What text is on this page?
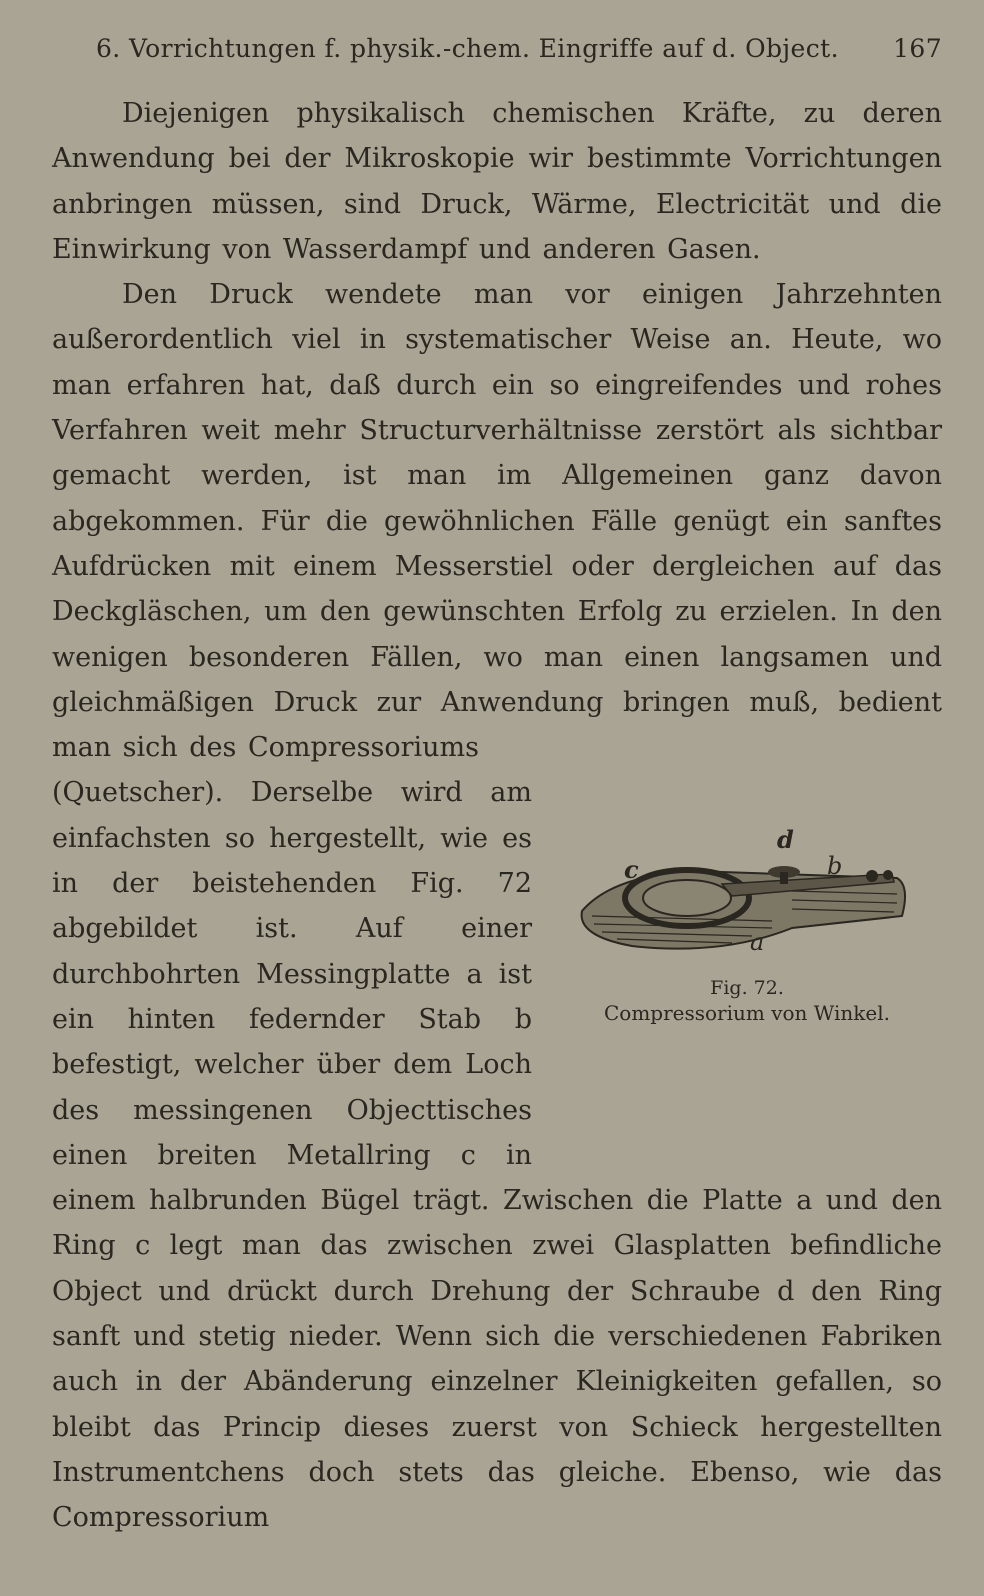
6. Vorrichtungen f. physik.-chem. Eingriffe auf d. Object. 167

Diejenigen physikalisch chemischen Kräfte, zu deren Anwendung bei der Mikroskopie wir bestimmte Vorrichtungen anbringen müssen, sind Druck, Wärme, Electricität und die Einwirkung von Wasserdampf und anderen Gasen.

Den Druck wendete man vor einigen Jahrzehnten außerordentlich viel in systematischer Weise an. Heute, wo man erfahren hat, daß durch ein so eingreifendes und rohes Verfahren weit mehr Structurverhältnisse zerstört als sichtbar gemacht werden, ist man im Allgemeinen ganz davon abgekommen. Für die gewöhnlichen Fälle genügt ein sanftes Aufdrücken mit einem Messerstiel oder dergleichen auf das Deckgläschen, um den gewünschten Erfolg zu erzielen. In den wenigen besonderen Fällen, wo man einen langsamen und gleichmäßigen Druck zur Anwendung bringen muß, bedient man sich des Compressoriums

d
b
c
a
Fig. 72.
Compressorium von Winkel.

(Quetscher). Derselbe wird am einfachsten so hergestellt, wie es in der beistehenden Fig. 72 abgebildet ist. Auf einer durchbohrten Messingplatte a ist ein hinten federnder Stab b befestigt, welcher über dem Loch des messingenen Objecttisches einen breiten Metallring c in einem halbrunden Bügel trägt. Zwischen die Platte a und den Ring c legt man das zwischen zwei Glasplatten befindliche Object und drückt durch Drehung der Schraube d den Ring sanft und stetig nieder. Wenn sich die verschiedenen Fabriken auch in der Abänderung einzelner Kleinigkeiten gefallen, so bleibt das Princip dieses zuerst von Schieck hergestellten Instrumentchens doch stets das gleiche. Ebenso, wie das Compressorium
